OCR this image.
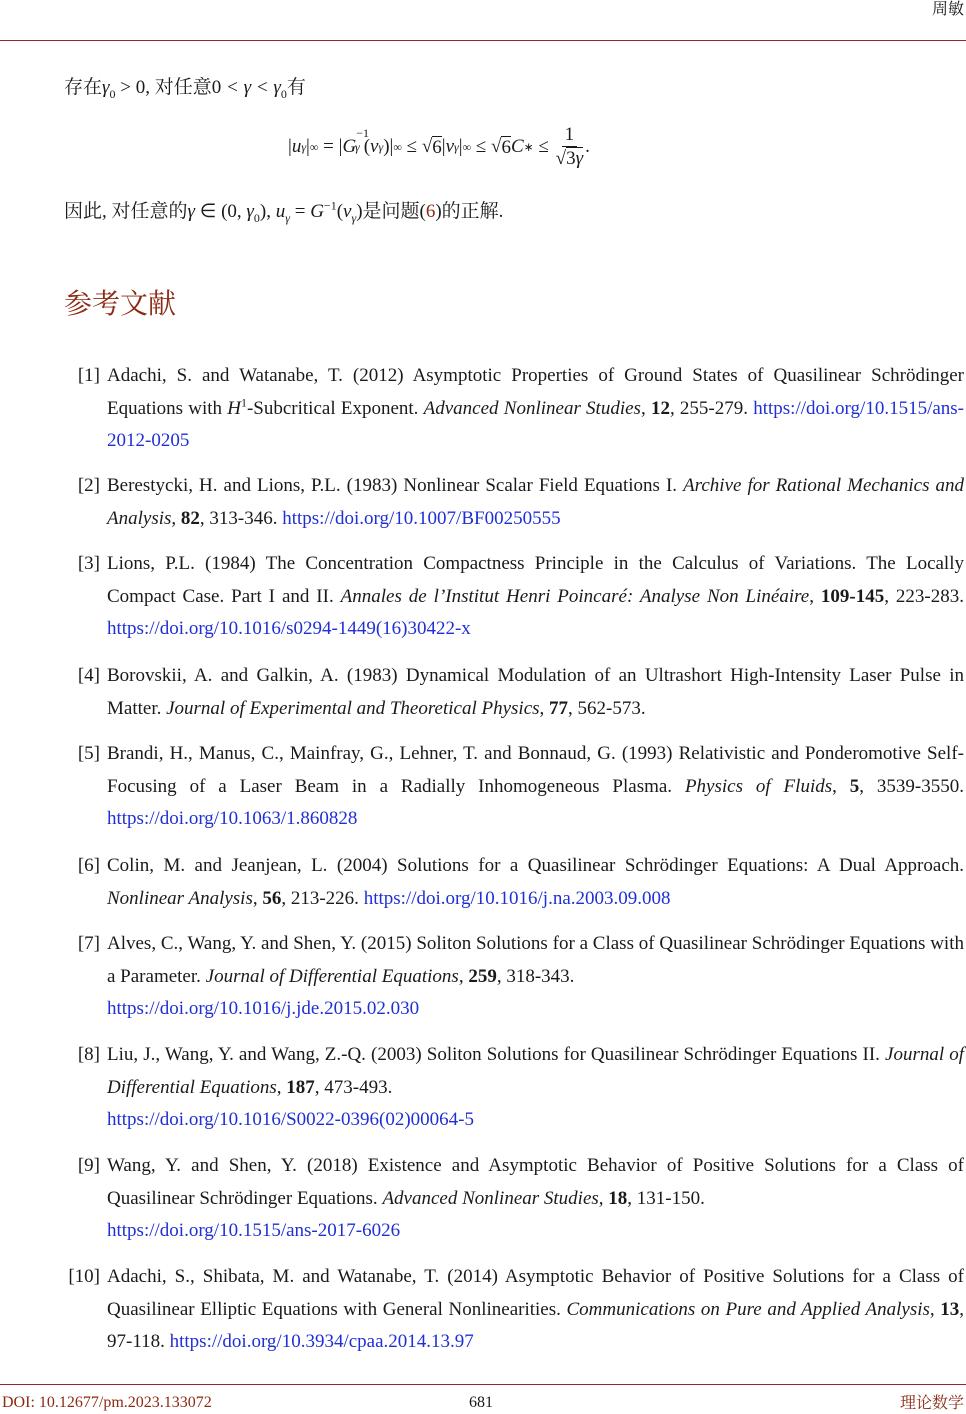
周敏
存在$\gamma_0 > 0$, 对任意$0 < \gamma < \gamma_0$有
| u γ | ∞ = | G
−1γ ( v γ )| ∞ ≤ √ 6 | v γ | ∞ ≤ √ 6 C ∗ ≤ $\frac{1}{√3\gamma}$ .
因此, 对任意的γ ∈ (0, $\gamma_0$), $u_\gamma = G^{-1}(v_\gamma)$是问题(6)的正解.
参考文献
[1] Adachi, S. and Watanabe, T. (2012) Asymptotic Properties of Ground States of Quasilinear Schrödinger Equations with $H^1$-Subcritical Exponent. Advanced Nonlinear Studies, 12, 255-279. https://doi.org/10.1515/ans-2012-0205
[2] Berestycki, H. and Lions, P.L. (1983) Nonlinear Scalar Field Equations I. Archive for Rational Mechanics and Analysis, 82, 313-346. https://doi.org/10.1007/BF00250555
[3] Lions, P.L. (1984) The Concentration Compactness Principle in the Calculus of Variations. The Locally Compact Case. Part I and II. Annales de l’Institut Henri Poincaré: Analyse Non Linéaire, 109-145, 223-283. https://doi.org/10.1016/s0294-1449(16)30422-x
[4] Borovskii, A. and Galkin, A. (1983) Dynamical Modulation of an Ultrashort High-Intensity Laser Pulse in Matter. Journal of Experimental and Theoretical Physics, 77, 562-573.
[5] Brandi, H., Manus, C., Mainfray, G., Lehner, T. and Bonnaud, G. (1993) Relativistic and Ponderomotive Self-Focusing of a Laser Beam in a Radially Inhomogeneous Plasma. Physics of Fluids, 5, 3539-3550. https://doi.org/10.1063/1.860828
[6] Colin, M. and Jeanjean, L. (2004) Solutions for a Quasilinear Schrödinger Equations: A Dual Approach. Nonlinear Analysis, 56, 213-226. https://doi.org/10.1016/j.na.2003.09.008
[7] Alves, C., Wang, Y. and Shen, Y. (2015) Soliton Solutions for a Class of Quasilinear Schrödinger Equations with a Parameter. Journal of Differential Equations, 259, 318-343.
https://doi.org/10.1016/j.jde.2015.02.030
[8] Liu, J., Wang, Y. and Wang, Z.-Q. (2003) Soliton Solutions for Quasilinear Schrödinger Equations II. Journal of Differential Equations, 187, 473-493.
https://doi.org/10.1016/S0022-0396(02)00064-5
[9] Wang, Y. and Shen, Y. (2018) Existence and Asymptotic Behavior of Positive Solutions for a Class of Quasilinear Schrödinger Equations. Advanced Nonlinear Studies, 18, 131-150.
https://doi.org/10.1515/ans-2017-6026
[10] Adachi, S., Shibata, M. and Watanabe, T. (2014) Asymptotic Behavior of Positive Solutions for a Class of Quasilinear Elliptic Equations with General Nonlinearities. Communications on Pure and Applied Analysis, 13, 97-118. https://doi.org/10.3934/cpaa.2014.13.97
DOI: 10.12677/pm.2023.133072	681	理论数学
